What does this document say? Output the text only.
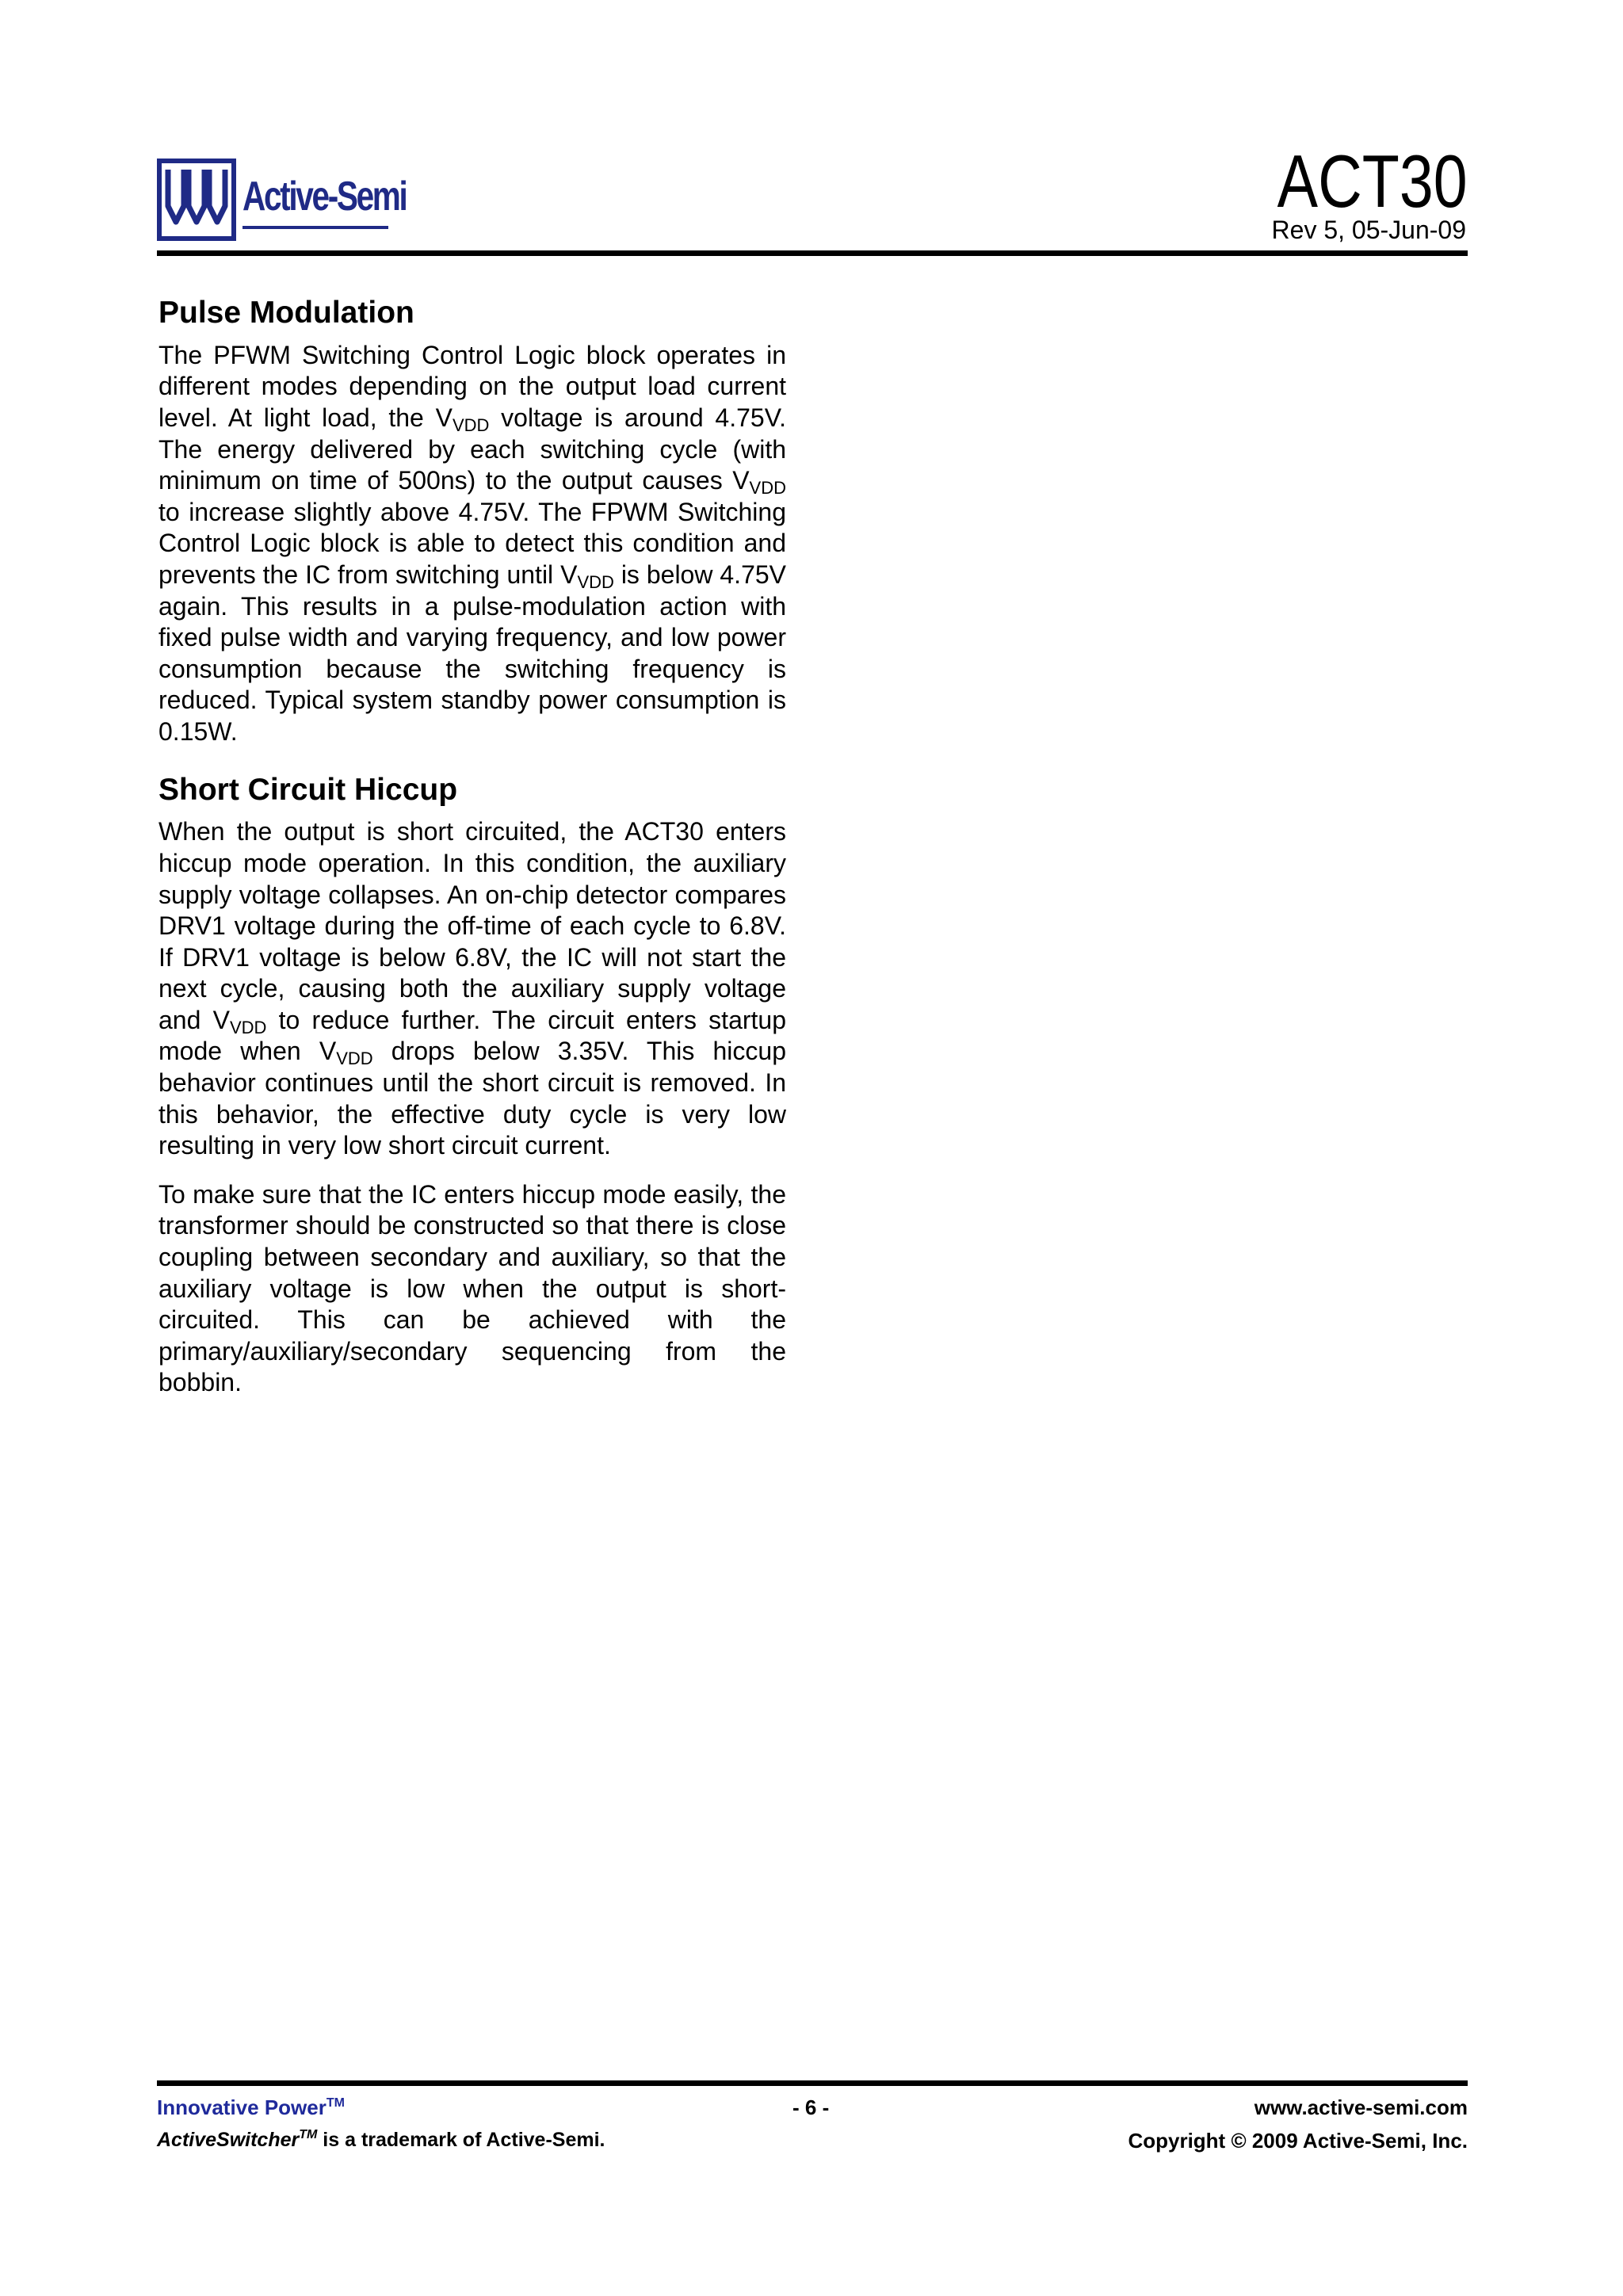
Active-Semi	ACT30
Rev 5, 05-Jun-09
Pulse Modulation

The PFWM Switching Control Logic block operates in different modes depending on the output load current level. At light load, the $V_{VDD}$ voltage is around 4.75V. The energy delivered by each switching cycle (with minimum on time of 500ns) to the output causes $V_{VDD}$ to increase slightly above 4.75V. The FPWM Switching Control Logic block is able to detect this condition and prevents the IC from switching until $V_{VDD}$ is below 4.75V again. This results in a pulse-modulation action with fixed pulse width and varying frequency, and low power consumption because the switching frequency is reduced. Typical system standby power consumption is 0.15W.

Short Circuit Hiccup

When the output is short circuited, the ACT30 enters hiccup mode operation. In this condition, the auxiliary supply voltage collapses. An on-chip detector compares DRV1 voltage during the off-time of each cycle to 6.8V. If DRV1 voltage is below 6.8V, the IC will not start the next cycle, causing both the auxiliary supply voltage and $V_{VDD}$ to reduce further. The circuit enters startup mode when $V_{VDD}$ drops below 3.35V. This hiccup behavior continues until the short circuit is removed. In this behavior, the effective duty cycle is very low resulting in very low short circuit current.

To make sure that the IC enters hiccup mode easily, the transformer should be constructed so that there is close coupling between secondary and auxiliary, so that the auxiliary voltage is low when the output is short-circuited. This can be achieved with the primary/auxiliary/secondary sequencing from the bobbin.

Innovative Power™
ActiveSwitcher™ is a trademark of Active-Semi.
- 6 -	www.active-semi.com
Copyright © 2009 Active-Semi, Inc.
